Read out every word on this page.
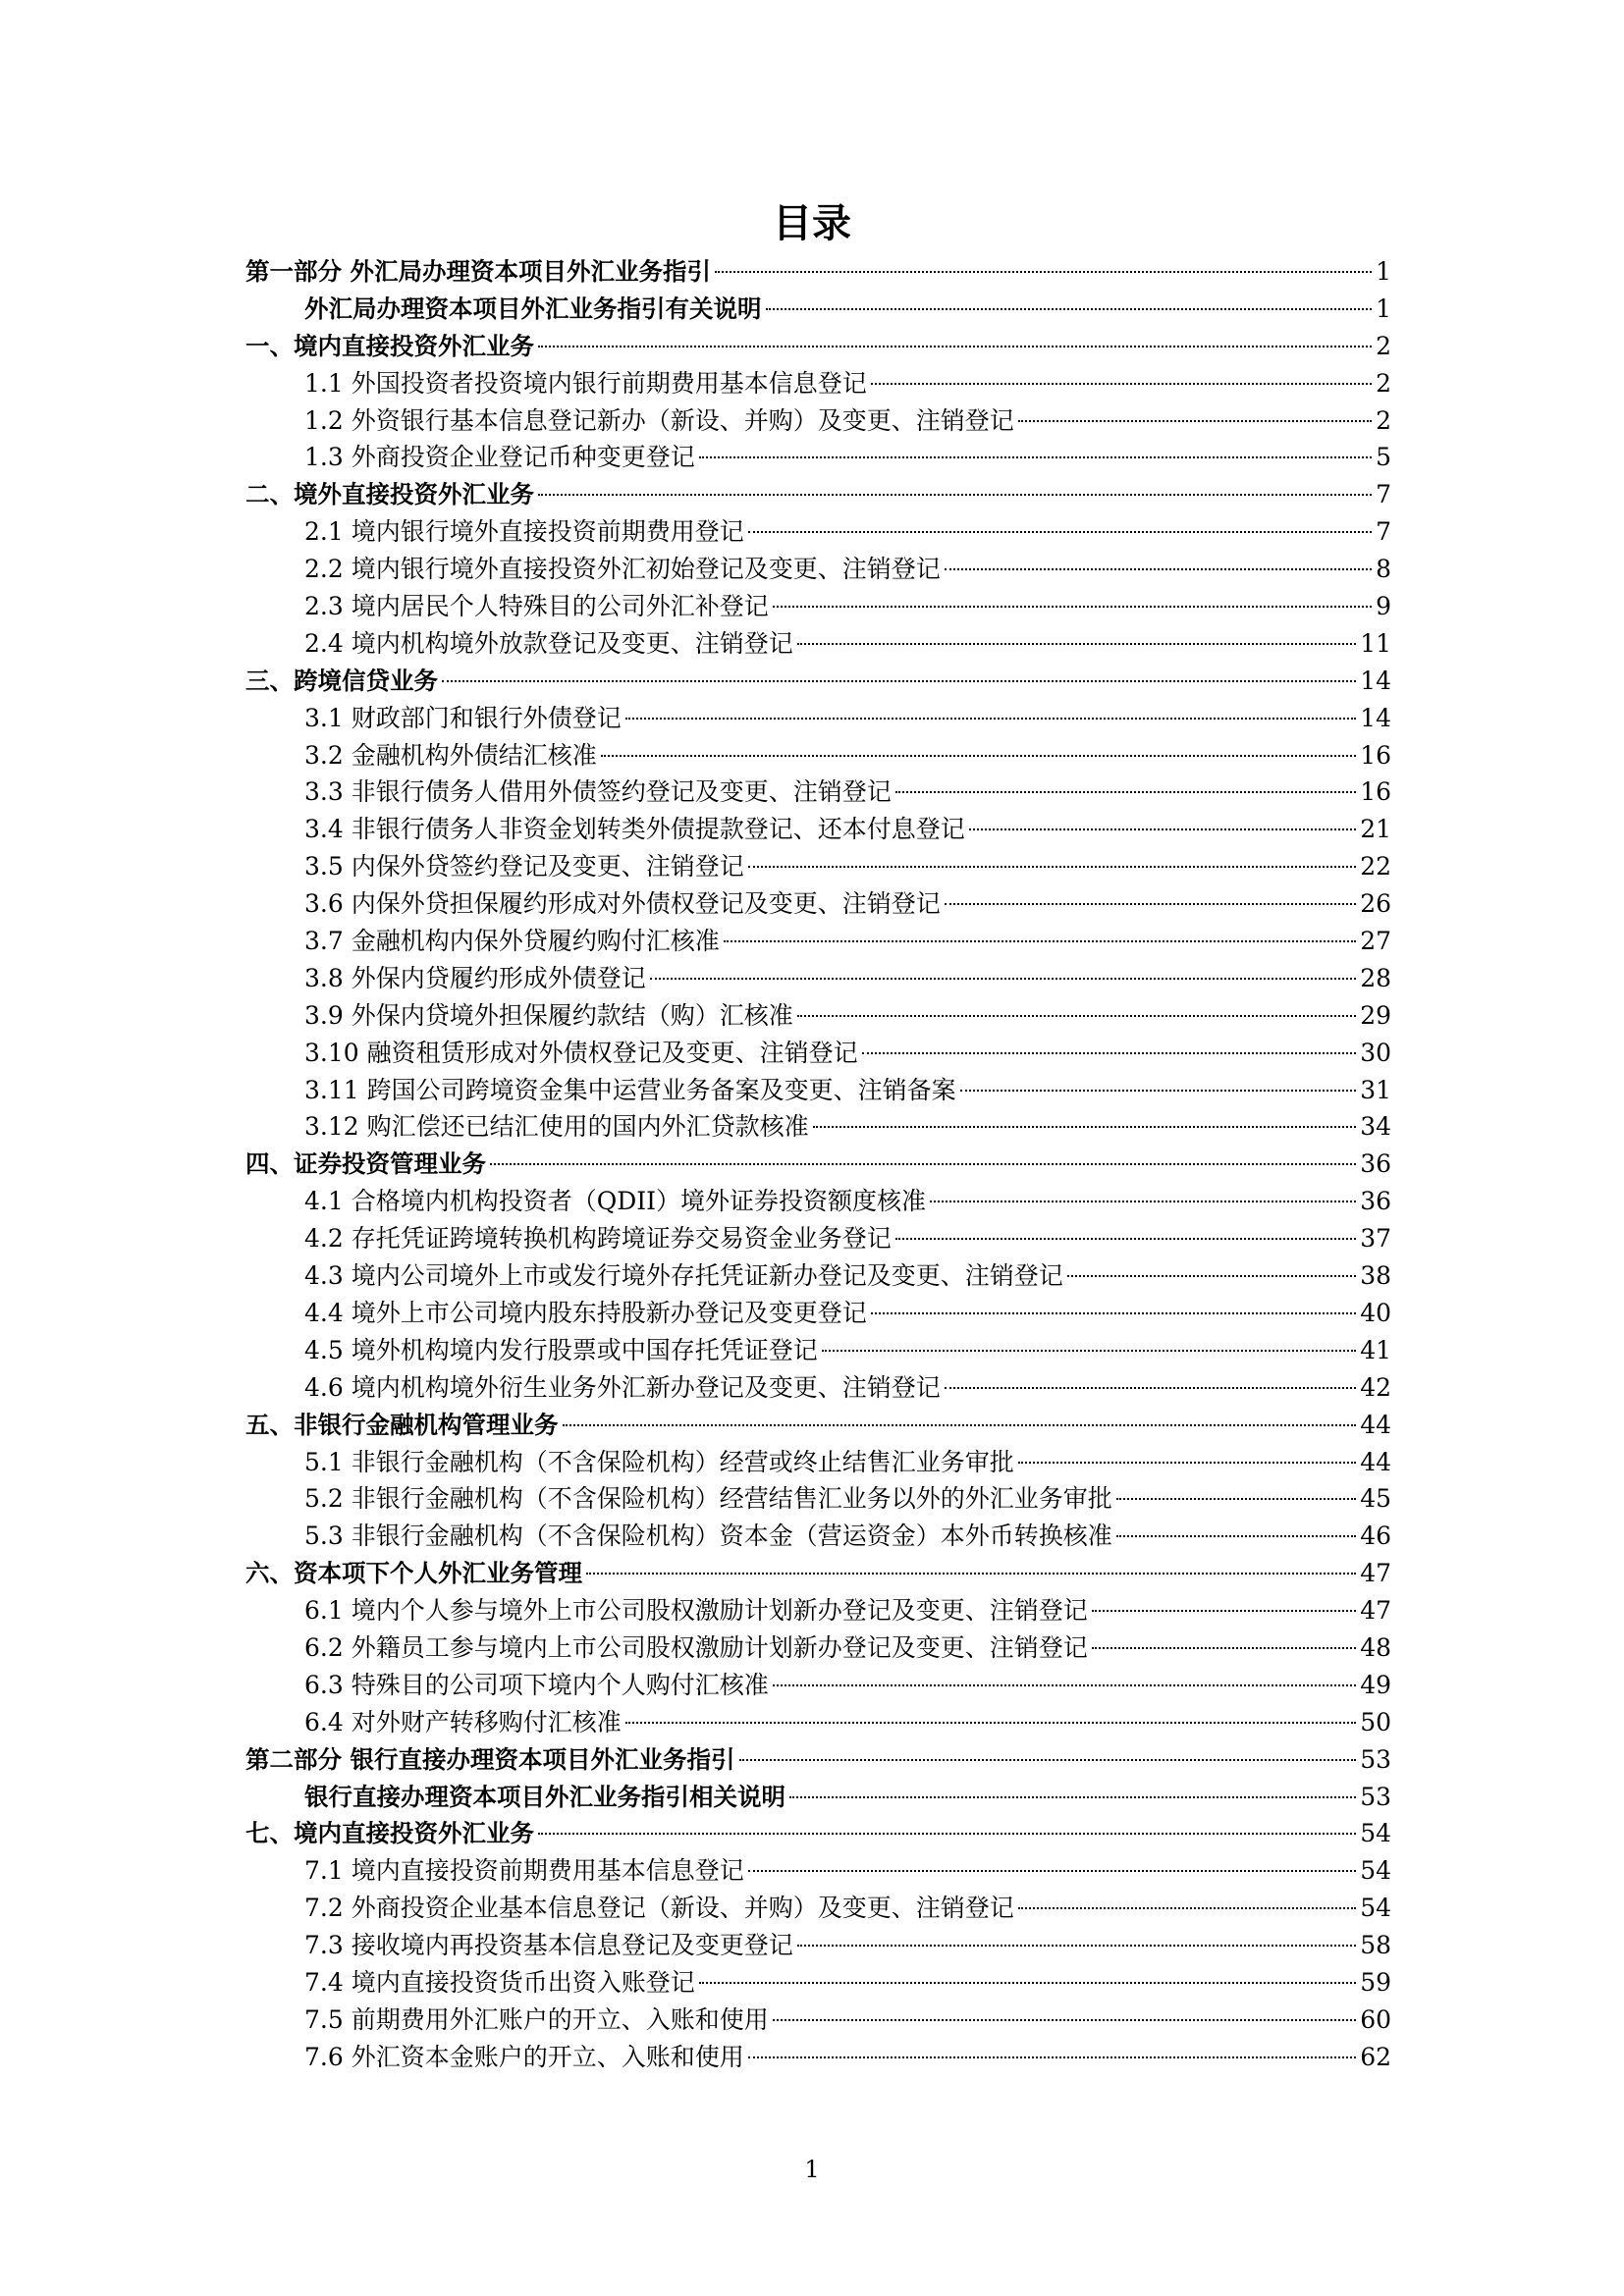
目录
第一部分 外汇局办理资本项目外汇业务指引	1
外汇局办理资本项目外汇业务指引有关说明	1
一、境内直接投资外汇业务	2
1.1 外国投资者投资境内银行前期费用基本信息登记	2
1.2 外资银行基本信息登记新办（新设、并购）及变更、注销登记	2
1.3 外商投资企业登记币种变更登记	5
二、境外直接投资外汇业务	7
2.1 境内银行境外直接投资前期费用登记	7
2.2 境内银行境外直接投资外汇初始登记及变更、注销登记	8
2.3 境内居民个人特殊目的公司外汇补登记	9
2.4 境内机构境外放款登记及变更、注销登记	11
三、跨境信贷业务	14
3.1 财政部门和银行外债登记	14
3.2 金融机构外债结汇核准	16
3.3 非银行债务人借用外债签约登记及变更、注销登记	16
3.4 非银行债务人非资金划转类外债提款登记、还本付息登记	21
3.5 内保外贷签约登记及变更、注销登记	22
3.6 内保外贷担保履约形成对外债权登记及变更、注销登记	26
3.7 金融机构内保外贷履约购付汇核准	27
3.8 外保内贷履约形成外债登记	28
3.9 外保内贷境外担保履约款结（购）汇核准	29
3.10 融资租赁形成对外债权登记及变更、注销登记	30
3.11 跨国公司跨境资金集中运营业务备案及变更、注销备案	31
3.12 购汇偿还已结汇使用的国内外汇贷款核准	34
四、证券投资管理业务	36
4.1 合格境内机构投资者（QDII）境外证券投资额度核准	36
4.2 存托凭证跨境转换机构跨境证券交易资金业务登记	37
4.3 境内公司境外上市或发行境外存托凭证新办登记及变更、注销登记	38
4.4 境外上市公司境内股东持股新办登记及变更登记	40
4.5 境外机构境内发行股票或中国存托凭证登记	41
4.6 境内机构境外衍生业务外汇新办登记及变更、注销登记	42
五、非银行金融机构管理业务	44
5.1 非银行金融机构（不含保险机构）经营或终止结售汇业务审批	44
5.2 非银行金融机构（不含保险机构）经营结售汇业务以外的外汇业务审批	45
5.3 非银行金融机构（不含保险机构）资本金（营运资金）本外币转换核准	46
六、资本项下个人外汇业务管理	47
6.1 境内个人参与境外上市公司股权激励计划新办登记及变更、注销登记	47
6.2 外籍员工参与境内上市公司股权激励计划新办登记及变更、注销登记	48
6.3 特殊目的公司项下境内个人购付汇核准	49
6.4 对外财产转移购付汇核准	50
第二部分 银行直接办理资本项目外汇业务指引	53
银行直接办理资本项目外汇业务指引相关说明	53
七、境内直接投资外汇业务	54
7.1 境内直接投资前期费用基本信息登记	54
7.2 外商投资企业基本信息登记（新设、并购）及变更、注销登记	54
7.3 接收境内再投资基本信息登记及变更登记	58
7.4 境内直接投资货币出资入账登记	59
7.5 前期费用外汇账户的开立、入账和使用	60
7.6 外汇资本金账户的开立、入账和使用	62
1
